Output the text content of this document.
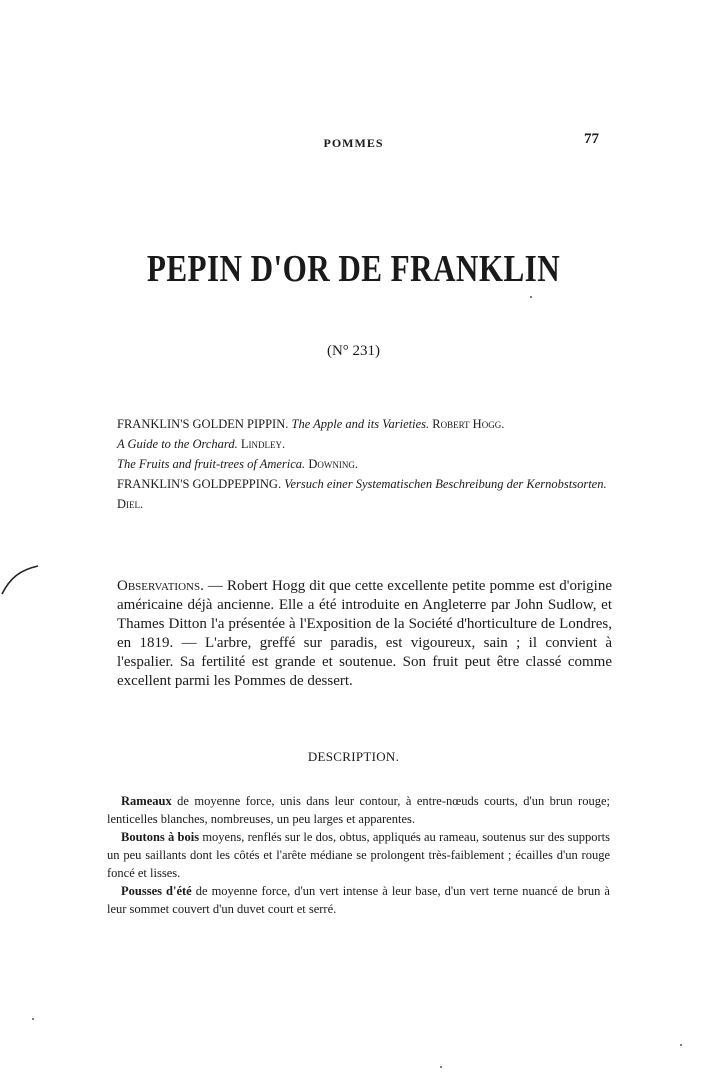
POMMES	77
PEPIN D'OR DE FRANKLIN
(N° 231)

FRANKLIN'S GOLDEN PIPPIN. The Apple and its Varieties. Robert Hogg.

A Guide to the Orchard. Lindley.

The Fruits and fruit-trees of America. Downing.

FRANKLIN'S GOLDPEPPING. Versuch einer Systematischen Beschreibung der Kernobstsorten. Diel.

Observations. — Robert Hogg dit que cette excellente petite pomme est d'origine américaine déjà ancienne. Elle a été introduite en Angleterre par John Sudlow, et Thames Ditton l'a présentée à l'Exposition de la Société d'horticulture de Londres, en 1819. — L'arbre, greffé sur paradis, est vigoureux, sain ; il convient à l'espalier. Sa fertilité est grande et soutenue. Son fruit peut être classé comme excellent parmi les Pommes de dessert.

DESCRIPTION.

Rameaux de moyenne force, unis dans leur contour, à entre-nœuds courts, d'un brun rouge; lenticelles blanches, nombreuses, un peu larges et apparentes.

Boutons à bois moyens, renflés sur le dos, obtus, appliqués au rameau, soutenus sur des supports un peu saillants dont les côtés et l'arête médiane se prolongent très-faiblement ; écailles d'un rouge foncé et lisses.

Pousses d'été de moyenne force, d'un vert intense à leur base, d'un vert terne nuancé de brun à leur sommet couvert d'un duvet court et serré.
